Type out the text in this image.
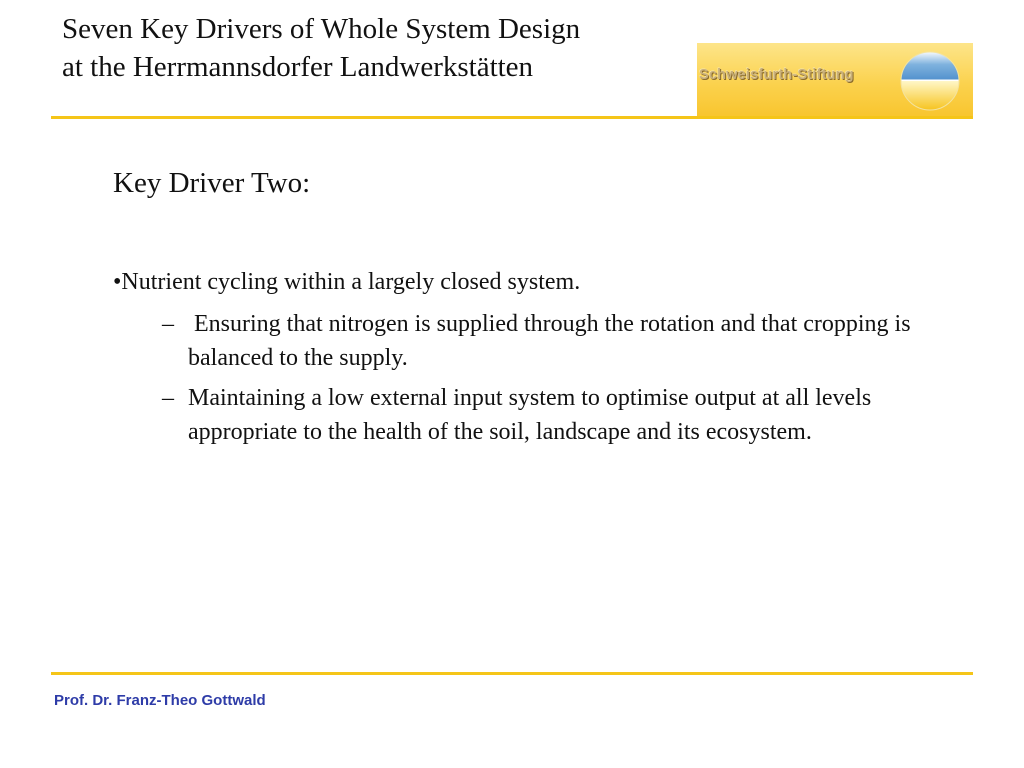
Seven Key Drivers of Whole System Design
at the Herrmannsdorfer Landwerkstätten	Schweisfurth-Stiftung
Key Driver Two:
•Nutrient cycling within a largely closed system.
– Ensuring that nitrogen is supplied through the rotation and that cropping is balanced to the supply.
– Maintaining a low external input system to optimise output at all levels appropriate to the health of the soil, landscape and its ecosystem.
Prof. Dr. Franz-Theo Gottwald
